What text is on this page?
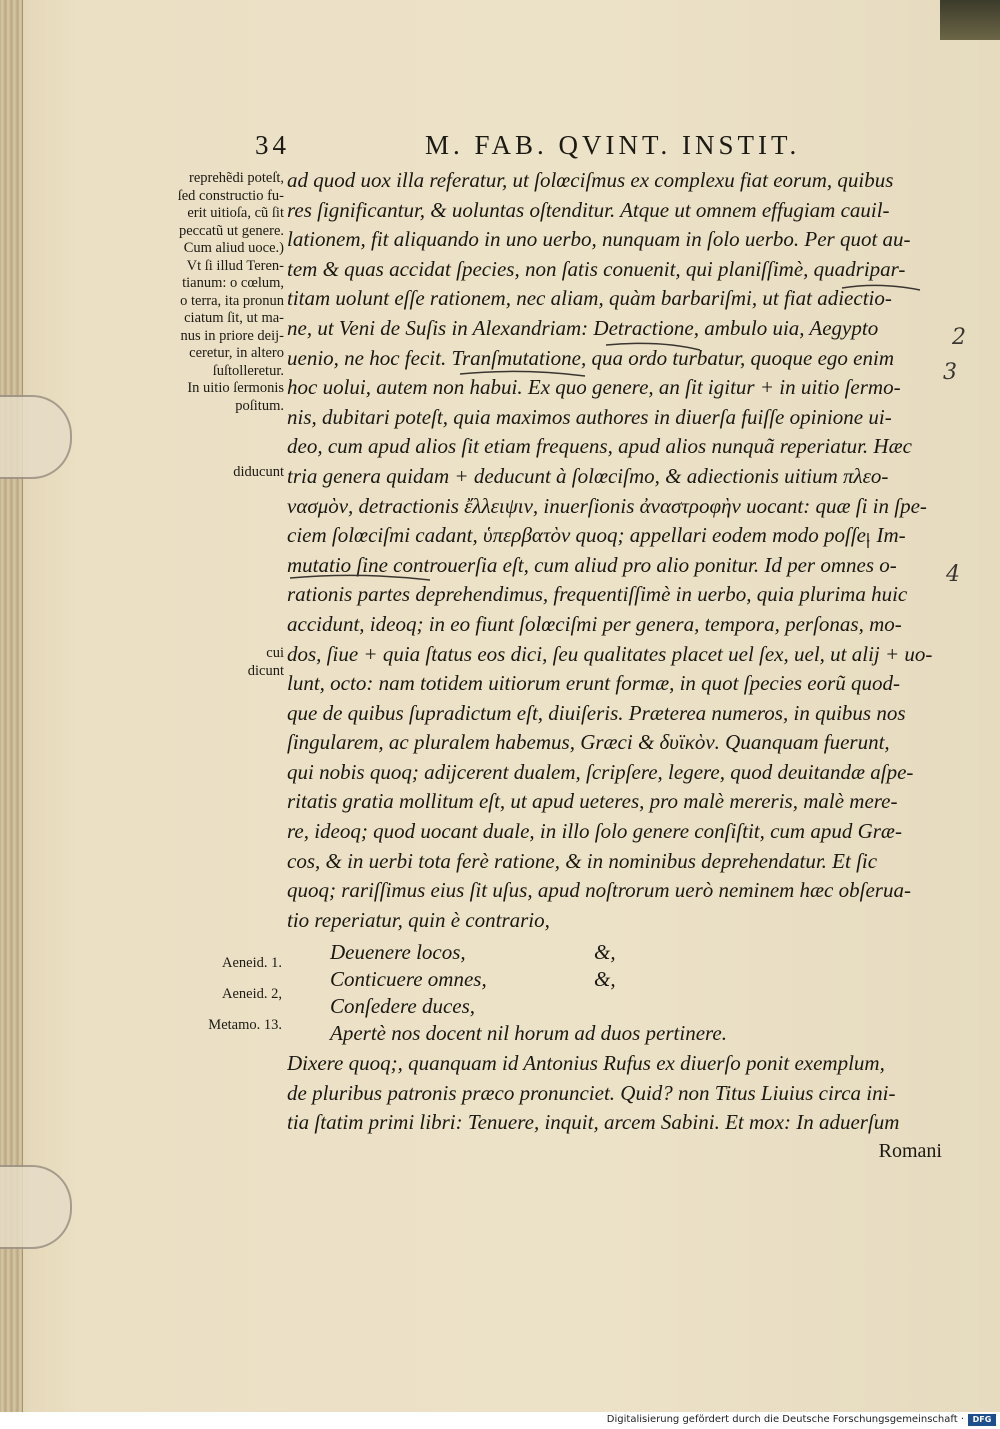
34	M. FAB. QVINT. INSTIT.
reprehẽdi poteſt,
ſed constructio fu-
erit uitioſa, cũ ſit
peccatũ ut genere.
Cum aliud uoce.)
Vt ſi illud Teren-
tianum: o cœlum,
o terra, ita pronun
ciatum ſit, ut ma-
nus in priore deij-
ceretur, in altero
ſuſtolleretur.
In uitio ſermonis
poſitum.
diducunt
cui
dicunt
ad quod uox illa referatur, ut ſolœciſmus ex complexu fiat eorum, quibus
res ſignificantur, & uoluntas oſtenditur. Atque ut omnem effugiam cauil-
lationem, fit aliquando in uno uerbo, nunquam in ſolo uerbo. Per quot au-
tem & quas accidat ſpecies, non ſatis conuenit, qui planiſſimè, quadripar-
titam uolunt eſſe rationem, nec aliam, quàm barbariſmi, ut fiat adiectio-
ne, ut Veni de Suſis in Alexandriam: Detractione, ambulo uia, Aegypto
uenio, ne hoc fecit. Tranſmutatione, qua ordo turbatur, quoque ego enim
hoc uolui, autem non habui. Ex quo genere, an ſit igitur + in uitio ſermo-
nis, dubitari poteſt, quia maximos authores in diuerſa fuiſſe opinione ui-
deo, cum apud alios ſit etiam frequens, apud alios nunquã reperiatur. Hæc
tria genera quidam + deducunt à ſolœciſmo, & adiectionis uitium πλεο-
νασμὸν, detractionis ἔλλειψιν, inuerſionis ἀναστροφὴν uocant: quæ ſi in ſpe-
ciem ſolœciſmi cadant, ὑπερβατὸν quoq; appellari eodem modo poſſe. Im-
mutatio ſine controuerſia eſt, cum aliud pro alio ponitur. Id per omnes o-
rationis partes deprehendimus, frequentiſſimè in uerbo, quia plurima huic
accidunt, ideoq; in eo fiunt ſolœciſmi per genera, tempora, perſonas, mo-
dos, ſiue + quia ſtatus eos dici, ſeu qualitates placet uel ſex, uel, ut alij + uo-
lunt, octo: nam totidem uitiorum erunt formæ, in quot ſpecies eorũ quod-
que de quibus ſupradictum eſt, diuiſeris. Præterea numeros, in quibus nos
ſingularem, ac pluralem habemus, Græci & δυϊκὸν. Quanquam fuerunt,
qui nobis quoq; adijcerent dualem, ſcripſere, legere, quod deuitandæ aſpe-
ritatis gratia mollitum eſt, ut apud ueteres, pro malè mereris, malè mere-
re, ideoq; quod uocant duale, in illo ſolo genere conſiſtit, cum apud Græ-
cos, & in uerbi tota ferè ratione, & in nominibus deprehendatur. Et ſic
quoq; rariſſimus eius ſit uſus, apud noſtrorum uerò neminem hæc obſerua-
tio reperiatur, quin è contrario,
Aeneid. 1.
Aeneid. 2,
Metamo. 13.
Deuenere locos,
Conticuere omnes,
Conſedere duces,
&,
&,
Apertè nos docent nil horum ad duos pertinere.
Dixere quoq;, quanquam id Antonius Rufus ex diuerſo ponit exemplum,
de pluribus patronis præco pronunciet. Quid? non Titus Liuius circa ini-
tia ſtatim primi libri: Tenuere, inquit, arcem Sabini. Et mox: In aduerſum
Romani
2
3
4
Digitalisierung gefördert durch die Deutsche Forschungsgemeinschaft ·	DFG
